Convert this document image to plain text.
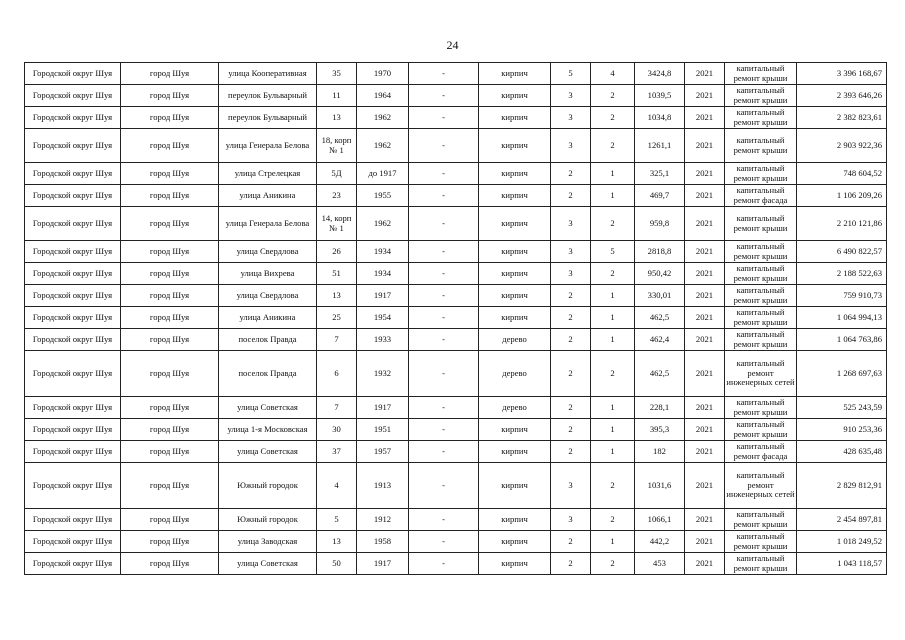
24
Городской округ Шуя	город Шуя	улица Кооперативная	35	1970	-	кирпич	5	4	3424,8	2021	капитальный ремонт крыши	3 396 168,67
Городской округ Шуя	город Шуя	переулок Бульварный	11	1964	-	кирпич	3	2	1039,5	2021	капитальный ремонт крыши	2 393 646,26
Городской округ Шуя	город Шуя	переулок Бульварный	13	1962	-	кирпич	3	2	1034,8	2021	капитальный ремонт крыши	2 382 823,61
Городской округ Шуя	город Шуя	улица Генерала Белова	18, корп № 1	1962	-	кирпич	3	2	1261,1	2021	капитальный ремонт крыши	2 903 922,36
Городской округ Шуя	город Шуя	улица Стрелецкая	5Д	до 1917	-	кирпич	2	1	325,1	2021	капитальный ремонт крыши	748 604,52
Городской округ Шуя	город Шуя	улица Аникина	23	1955	-	кирпич	2	1	469,7	2021	капитальный ремонт фасада	1 106 209,26
Городской округ Шуя	город Шуя	улица Генерала Белова	14, корп № 1	1962	-	кирпич	3	2	959,8	2021	капитальный ремонт крыши	2 210 121,86
Городской округ Шуя	город Шуя	улица Свердлова	26	1934	-	кирпич	3	5	2818,8	2021	капитальный ремонт крыши	6 490 822,57
Городской округ Шуя	город Шуя	улица Вихрева	51	1934	-	кирпич	3	2	950,42	2021	капитальный ремонт крыши	2 188 522,63
Городской округ Шуя	город Шуя	улица Свердлова	13	1917	-	кирпич	2	1	330,01	2021	капитальный ремонт крыши	759 910,73
Городской округ Шуя	город Шуя	улица Аникина	25	1954	-	кирпич	2	1	462,5	2021	капитальный ремонт крыши	1 064 994,13
Городской округ Шуя	город Шуя	поселок Правда	7	1933	-	дерево	2	1	462,4	2021	капитальный ремонт крыши	1 064 763,86
Городской округ Шуя	город Шуя	поселок Правда	6	1932	-	дерево	2	2	462,5	2021	капитальный ремонт инженерных сетей	1 268 697,63
Городской округ Шуя	город Шуя	улица Советская	7	1917	-	дерево	2	1	228,1	2021	капитальный ремонт крыши	525 243,59
Городской округ Шуя	город Шуя	улица 1-я Московская	30	1951	-	кирпич	2	1	395,3	2021	капитальный ремонт крыши	910 253,36
Городской округ Шуя	город Шуя	улица Советская	37	1957	-	кирпич	2	1	182	2021	капитальный ремонт фасада	428 635,48
Городской округ Шуя	город Шуя	Южный городок	4	1913	-	кирпич	3	2	1031,6	2021	капитальный ремонт инженерных сетей	2 829 812,91
Городской округ Шуя	город Шуя	Южный городок	5	1912	-	кирпич	3	2	1066,1	2021	капитальный ремонт крыши	2 454 897,81
Городской округ Шуя	город Шуя	улица Заводская	13	1958	-	кирпич	2	1	442,2	2021	капитальный ремонт крыши	1 018 249,52
Городской округ Шуя	город Шуя	улица Советская	50	1917	-	кирпич	2	2	453	2021	капитальный ремонт крыши	1 043 118,57
